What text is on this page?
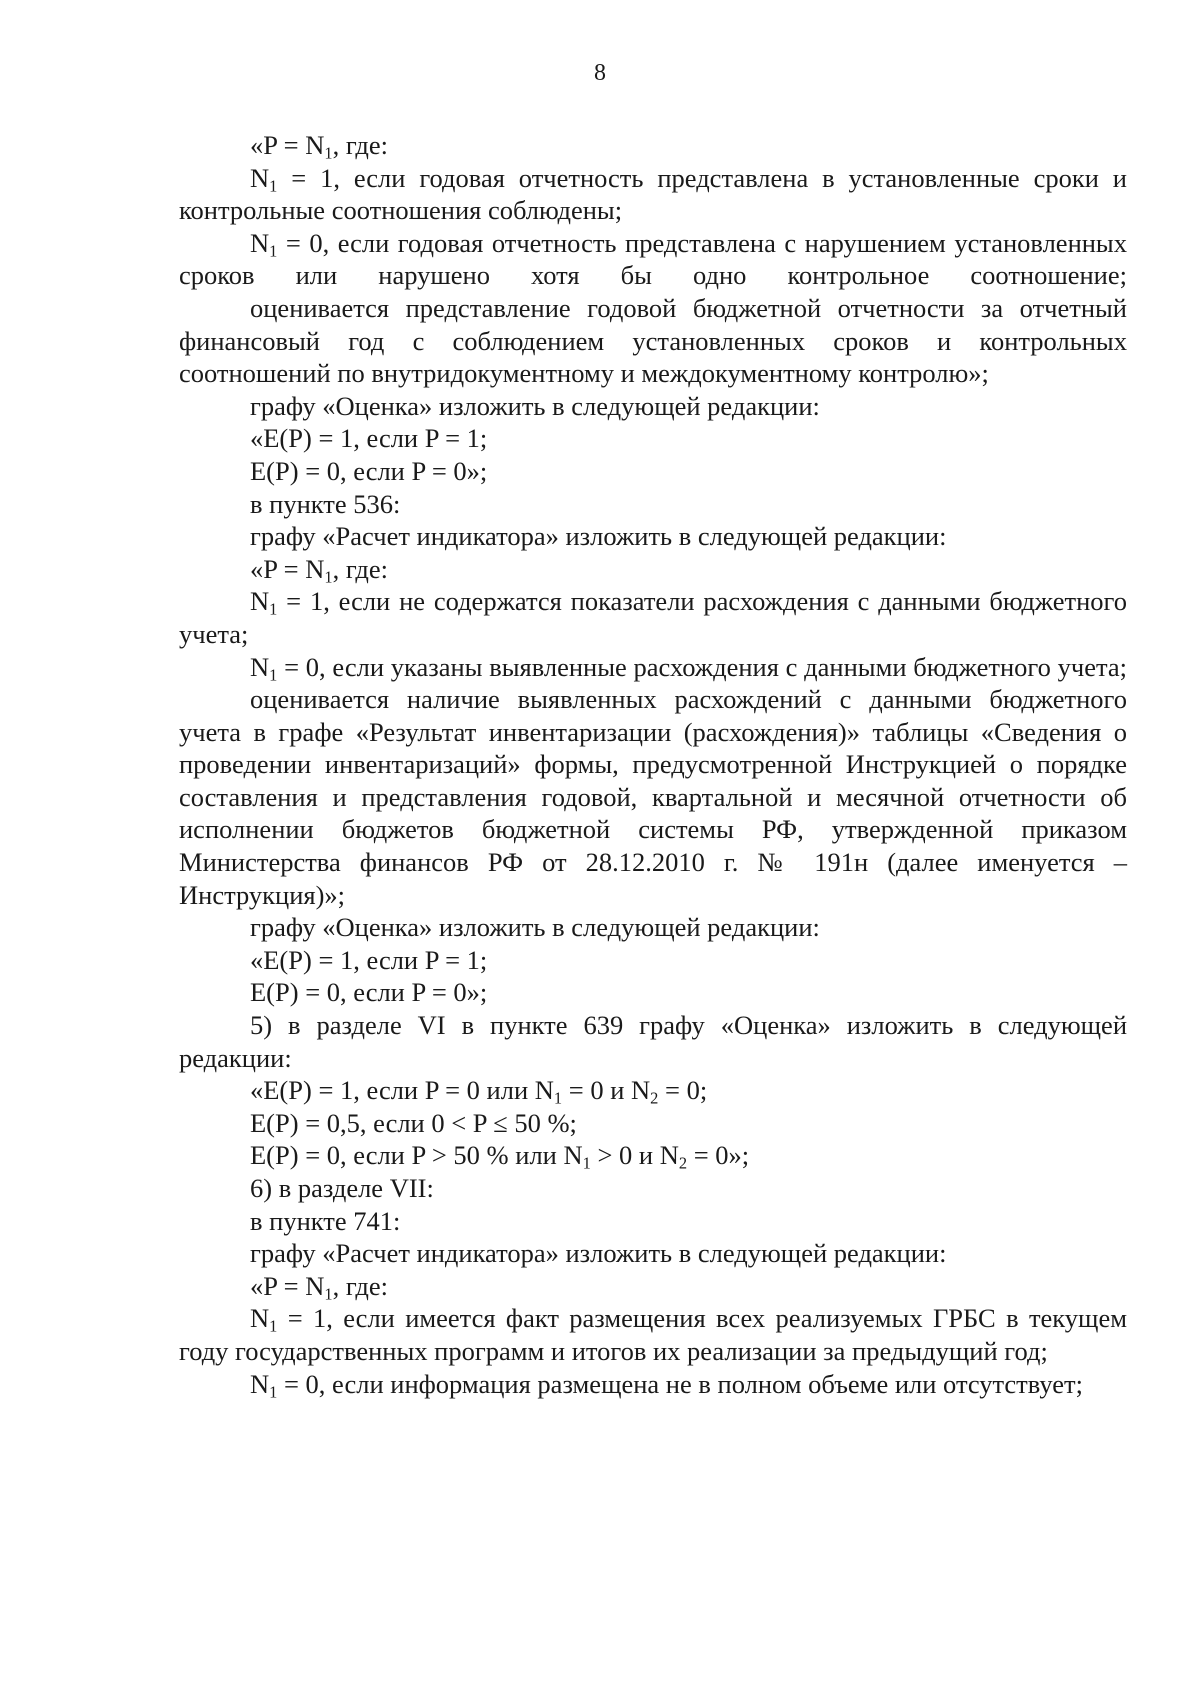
8

«$P = N_1$, где:

$N_1 = 1$, если годовая отчетность представлена в установленные сроки и контрольные соотношения соблюдены;

$N_1 = 0$, если годовая отчетность представлена с нарушением установленных сроков или нарушено хотя бы одно контрольное соотношение;

оценивается представление годовой бюджетной отчетности за отчетный финансовый год с соблюдением установленных сроков и контрольных соотношений по внутридокументному и междокументному контролю»;

графу «Оценка» изложить в следующей редакции:

«E(P) = 1, если P = 1;

E(P) = 0, если P = 0»;

в пункте 536:

графу «Расчет индикатора» изложить в следующей редакции:

«$P = N_1$, где:

$N_1 = 1$, если не содержатся показатели расхождения с данными бюджетного учета;

$N_1 = 0$, если указаны выявленные расхождения с данными бюджетного учета;

оценивается наличие выявленных расхождений с данными бюджетного учета в графе «Результат инвентаризации (расхождения)» таблицы «Сведения о проведении инвентаризаций» формы, предусмотренной Инструкцией о порядке составления и представления годовой, квартальной и месячной отчетности об исполнении бюджетов бюджетной системы РФ, утвержденной приказом Министерства финансов РФ от 28.12.2010 г. № 191н (далее именуется – Инструкция)»;

графу «Оценка» изложить в следующей редакции:

«E(P) = 1, если P = 1;

E(P) = 0, если P = 0»;

5) в разделе VI в пункте 639 графу «Оценка» изложить в следующей редакции:

«E(P) = 1, если P = 0 или $N_1 = 0$ и $N_2 = 0$;

E(P) = 0,5, если 0 < P ≤ 50 %;

E(P) = 0, если P > 50 % или $N_1 > 0$ и $N_2 = 0$»;

6) в разделе VII:

в пункте 741:

графу «Расчет индикатора» изложить в следующей редакции:

«$P = N_1$, где:

$N_1 = 1$, если имеется факт размещения всех реализуемых ГРБС в текущем году государственных программ и итогов их реализации за предыдущий год;

$N_1 = 0$, если информация размещена не в полном объеме или отсутствует;
